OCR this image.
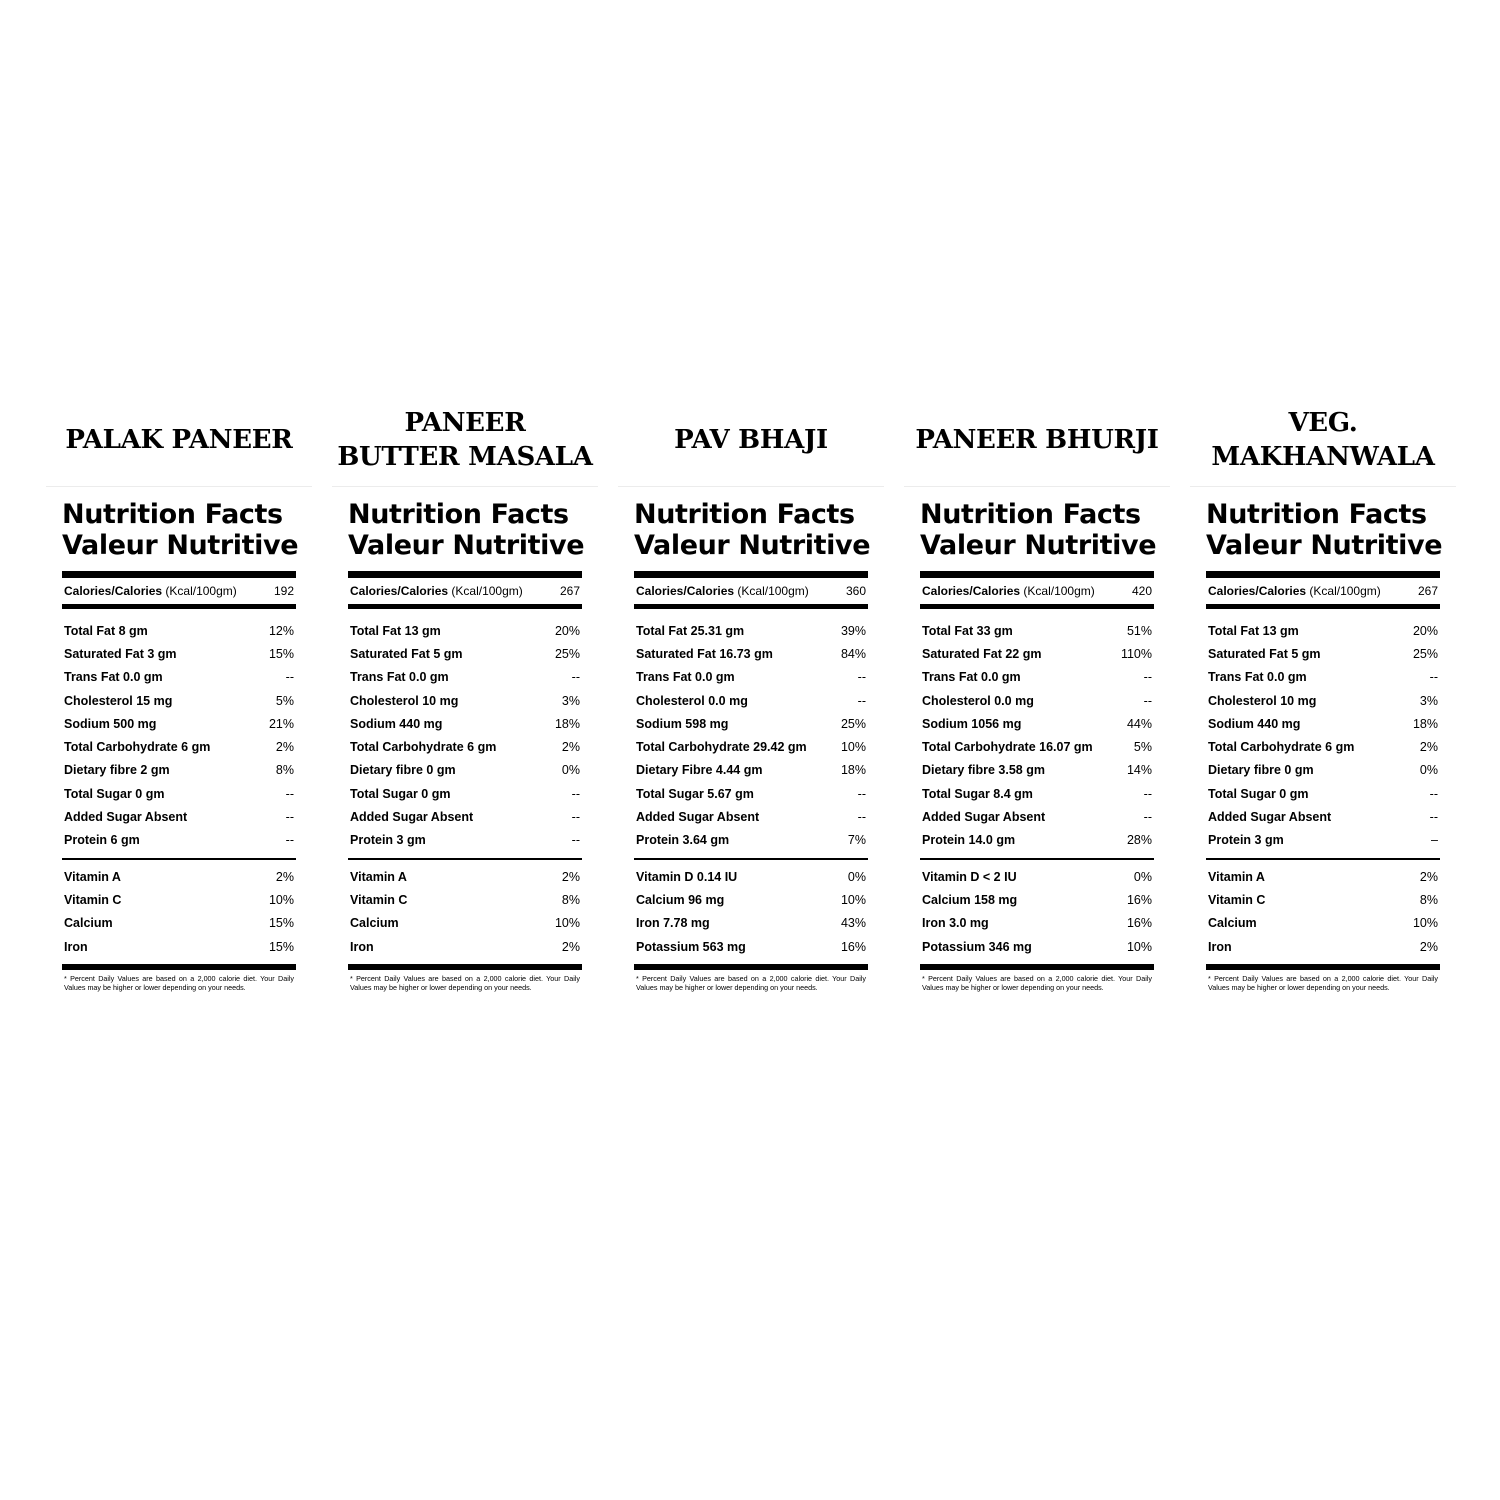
PALAK PANEER
Nutrition Facts
Valeur Nutritive
Calories/Calories (Kcal/100gm)	192
Total Fat 8 gm	12%
Saturated Fat 3 gm	15%
Trans Fat 0.0 gm	--
Cholesterol 15 mg	5%
Sodium 500 mg	21%
Total Carbohydrate 6 gm	2%
Dietary fibre 2 gm	8%
Total Sugar 0 gm	--
Added Sugar Absent	--
Protein 6 gm	--
Vitamin A	2%
Vitamin C	10%
Calcium	15%
Iron	15%
* Percent Daily Values are based on a 2,000 calorie diet. Your Daily Values may be higher or lower depending on your needs.
PANEER
BUTTER MASALA
Nutrition Facts
Valeur Nutritive
Calories/Calories (Kcal/100gm)	267
Total Fat 13 gm	20%
Saturated Fat 5 gm	25%
Trans Fat 0.0 gm	--
Cholesterol 10 mg	3%
Sodium 440 mg	18%
Total Carbohydrate 6 gm	2%
Dietary fibre 0 gm	0%
Total Sugar 0 gm	--
Added Sugar Absent	--
Protein 3 gm	--
Vitamin A	2%
Vitamin C	8%
Calcium	10%
Iron	2%
* Percent Daily Values are based on a 2,000 calorie diet. Your Daily Values may be higher or lower depending on your needs.
PAV BHAJI
Nutrition Facts
Valeur Nutritive
Calories/Calories (Kcal/100gm)	360
Total Fat 25.31 gm	39%
Saturated Fat 16.73 gm	84%
Trans Fat 0.0 gm	--
Cholesterol 0.0 mg	--
Sodium 598 mg	25%
Total Carbohydrate 29.42 gm	10%
Dietary Fibre 4.44 gm	18%
Total Sugar 5.67 gm	--
Added Sugar Absent	--
Protein 3.64 gm	7%
Vitamin D 0.14 IU	0%
Calcium 96 mg	10%
Iron 7.78 mg	43%
Potassium 563 mg	16%
* Percent Daily Values are based on a 2,000 calorie diet. Your Daily Values may be higher or lower depending on your needs.
PANEER BHURJI
Nutrition Facts
Valeur Nutritive
Calories/Calories (Kcal/100gm)	420
Total Fat 33 gm	51%
Saturated Fat 22 gm	110%
Trans Fat 0.0 gm	--
Cholesterol 0.0 mg	--
Sodium 1056 mg	44%
Total Carbohydrate 16.07 gm	5%
Dietary fibre 3.58 gm	14%
Total Sugar 8.4 gm	--
Added Sugar Absent	--
Protein 14.0 gm	28%
Vitamin D < 2 IU	0%
Calcium 158 mg	16%
Iron 3.0 mg	16%
Potassium 346 mg	10%
* Percent Daily Values are based on a 2,000 calorie diet. Your Daily Values may be higher or lower depending on your needs.
VEG.
MAKHANWALA
Nutrition Facts
Valeur Nutritive
Calories/Calories (Kcal/100gm)	267
Total Fat 13 gm	20%
Saturated Fat 5 gm	25%
Trans Fat 0.0 gm	--
Cholesterol 10 mg	3%
Sodium 440 mg	18%
Total Carbohydrate 6 gm	2%
Dietary fibre 0 gm	0%
Total Sugar 0 gm	--
Added Sugar Absent	--
Protein 3 gm	–
Vitamin A	2%
Vitamin C	8%
Calcium	10%
Iron	2%
* Percent Daily Values are based on a 2,000 calorie diet. Your Daily Values may be higher or lower depending on your needs.
